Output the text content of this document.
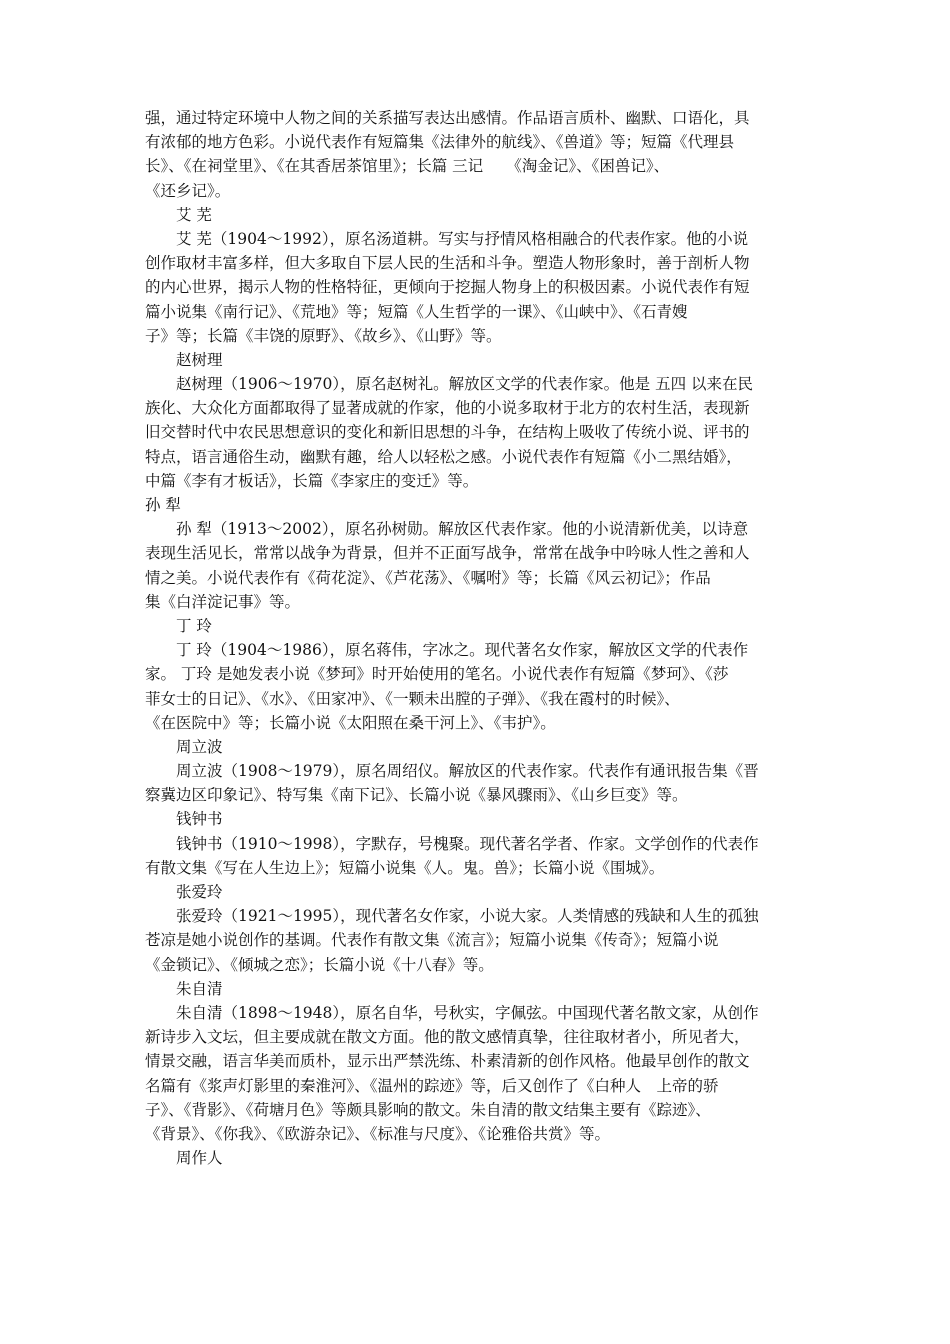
强，通过特定环境中人物之间的关系描写表达出感情。作品语言质朴、幽默、口语化，具
有浓郁的地方色彩。小说代表作有短篇集《法律外的航线》、《兽道》等；短篇《代理县
长》、《在祠堂里》、《在其香居茶馆里》；长篇 三记　　《淘金记》、《困兽记》、
《还乡记》。
艾 芜
艾 芜（1904～1992），原名汤道耕。写实与抒情风格相融合的代表作家。他的小说
创作取材丰富多样，但大多取自下层人民的生活和斗争。塑造人物形象时，善于剖析人物
的内心世界，揭示人物的性格特征，更倾向于挖掘人物身上的积极因素。小说代表作有短
篇小说集《南行记》、《荒地》等；短篇《人生哲学的一课》、《山峡中》、《石青嫂
子》等；长篇《丰饶的原野》、《故乡》、《山野》等。
赵树理
赵树理（1906～1970），原名赵树礼。解放区文学的代表作家。他是 五四 以来在民
族化、大众化方面都取得了显著成就的作家，他的小说多取材于北方的农村生活，表现新
旧交替时代中农民思想意识的变化和新旧思想的斗争，在结构上吸收了传统小说、评书的
特点，语言通俗生动，幽默有趣，给人以轻松之感。小说代表作有短篇《小二黑结婚》，
中篇《李有才板话》，长篇《李家庄的变迁》等。
孙 犁
孙 犁（1913～2002），原名孙树勋。解放区代表作家。他的小说清新优美，以诗意
表现生活见长，常常以战争为背景，但并不正面写战争，常常在战争中吟咏人性之善和人
情之美。小说代表作有《荷花淀》、《芦花荡》、《嘱咐》等；长篇《风云初记》；作品
集《白洋淀记事》等。
丁 玲
丁 玲（1904～1986），原名蒋伟，字冰之。现代著名女作家，解放区文学的代表作
家。 丁玲 是她发表小说《梦珂》时开始使用的笔名。小说代表作有短篇《梦珂》、《莎
菲女士的日记》、《水》、《田家冲》、《一颗未出膛的子弹》、《我在霞村的时候》、
《在医院中》等；长篇小说《太阳照在桑干河上》、《韦护》。
周立波
周立波（1908～1979），原名周绍仪。解放区的代表作家。代表作有通讯报告集《晋
察冀边区印象记》、特写集《南下记》、长篇小说《暴风骤雨》、《山乡巨变》等。
钱钟书
钱钟书（1910～1998），字默存，号槐聚。现代著名学者、作家。文学创作的代表作
有散文集《写在人生边上》；短篇小说集《人。鬼。兽》；长篇小说《围城》。
张爱玲
张爱玲（1921～1995），现代著名女作家，小说大家。人类情感的残缺和人生的孤独
苍凉是她小说创作的基调。代表作有散文集《流言》；短篇小说集《传奇》；短篇小说
《金锁记》、《倾城之恋》；长篇小说《十八春》等。
朱自清
朱自清（1898～1948），原名自华，号秋实，字佩弦。中国现代著名散文家，从创作
新诗步入文坛，但主要成就在散文方面。他的散文感情真挚，往往取材者小，所见者大，
情景交融，语言华美而质朴，显示出严禁洗练、朴素清新的创作风格。他最早创作的散文
名篇有《浆声灯影里的秦淮河》、《温州的踪迹》等，后又创作了《白种人　上帝的骄
子》、《背影》、《荷塘月色》等颇具影响的散文。朱自清的散文结集主要有《踪迹》、
《背景》、《你我》、《欧游杂记》、《标准与尺度》、《论雅俗共赏》等。
周作人
